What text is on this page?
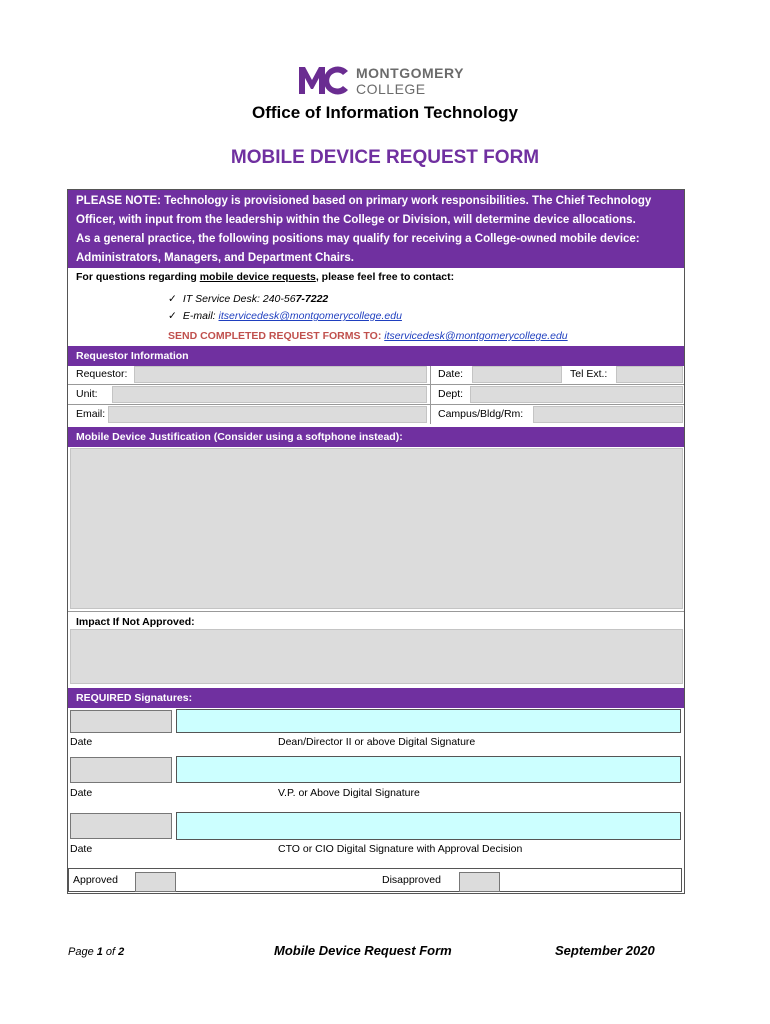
MONTGOMERY
COLLEGE
Office of Information Technology
MOBILE DEVICE REQUEST FORM
PLEASE NOTE: Technology is provisioned based on primary work responsibilities. The Chief Technology
Officer, with input from the leadership within the College or Division, will determine device allocations.
As a general practice, the following positions may qualify for receiving a College-owned mobile device:
Administrators, Managers, and Department Chairs.
For questions regarding mobile device requests, please feel free to contact:
✓ IT Service Desk: 240-567-7222
✓ E-mail: itservicedesk@montgomerycollege.edu
SEND COMPLETED REQUEST FORMS TO: itservicedesk@montgomerycollege.edu
Requestor Information
Requestor:	Date:	Tel Ext.:
Unit:	Dept:
Email:	Campus/Bldg/Rm:
Mobile Device Justification (Consider using a softphone instead):
Impact If Not Approved:
REQUIRED Signatures:
Date	Dean/Director II or above Digital Signature
Date	V.P. or Above Digital Signature
Date	CTO or CIO Digital Signature with Approval Decision
Approved	Disapproved
Page 1 of 2	Mobile Device Request Form	September 2020
